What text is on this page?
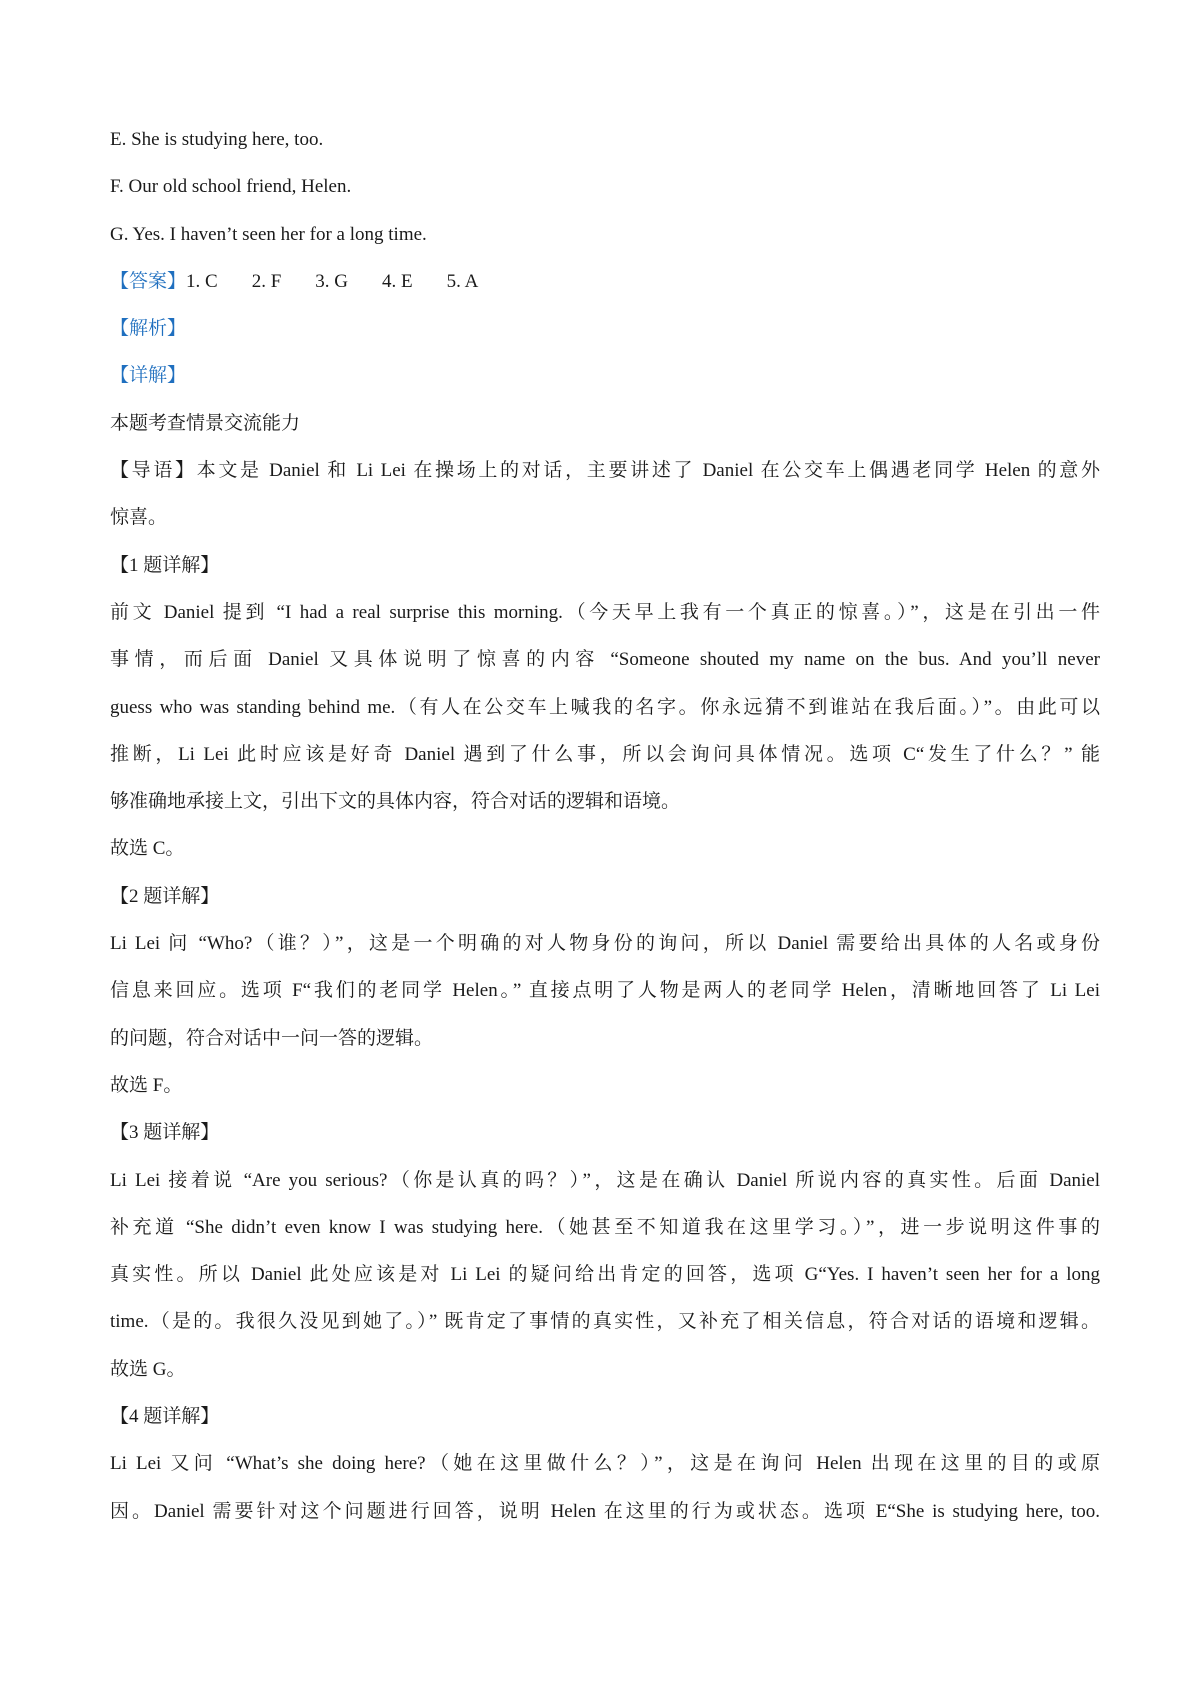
E. She is studying here, too.
F. Our old school friend, Helen.
G. Yes. I haven’t seen her for a long time.
【答案】1. C 2. F 3. G 4. E 5. A
【解析】
【详解】
本题考查情景交流能力
【导语】本文是 Daniel 和 Li Lei 在操场上的对话，主要讲述了 Daniel 在公交车上偶遇老同学 Helen 的意外
惊喜。
【1 题详解】
前文 Daniel 提到 “I had a real surprise this morning.（今天早上我有一个真正的惊喜。）”，这是在引出一件
事情，而后面 Daniel 又具体说明了惊喜的内容 “Someone shouted my name on the bus. And you’ll never
guess who was standing behind me.（有人在公交车上喊我的名字。你永远猜不到谁站在我后面。）”。由此可以
推断，Li Lei 此时应该是好奇 Daniel 遇到了什么事，所以会询问具体情况。选项 C“发生了什么？” 能
够准确地承接上文，引出下文的具体内容，符合对话的逻辑和语境。
故选 C。
【2 题详解】
Li Lei 问 “Who?（谁？）”，这是一个明确的对人物身份的询问，所以 Daniel 需要给出具体的人名或身份
信息来回应。选项 F“我们的老同学 Helen。” 直接点明了人物是两人的老同学 Helen，清晰地回答了 Li Lei
的问题，符合对话中一问一答的逻辑。
故选 F。
【3 题详解】
Li Lei 接着说 “Are you serious?（你是认真的吗？）”，这是在确认 Daniel 所说内容的真实性。后面 Daniel
补充道 “She didn’t even know I was studying here.（她甚至不知道我在这里学习。）”，进一步说明这件事的
真实性。所以 Daniel 此处应该是对 Li Lei 的疑问给出肯定的回答，选项 G“Yes. I haven’t seen her for a long
time.（是的。我很久没见到她了。）” 既肯定了事情的真实性，又补充了相关信息，符合对话的语境和逻辑。
故选 G。
【4 题详解】
Li Lei 又问 “What’s she doing here?（她在这里做什么？）”，这是在询问 Helen 出现在这里的目的或原
因。Daniel 需要针对这个问题进行回答，说明 Helen 在这里的行为或状态。选项 E“She is studying here, too.
